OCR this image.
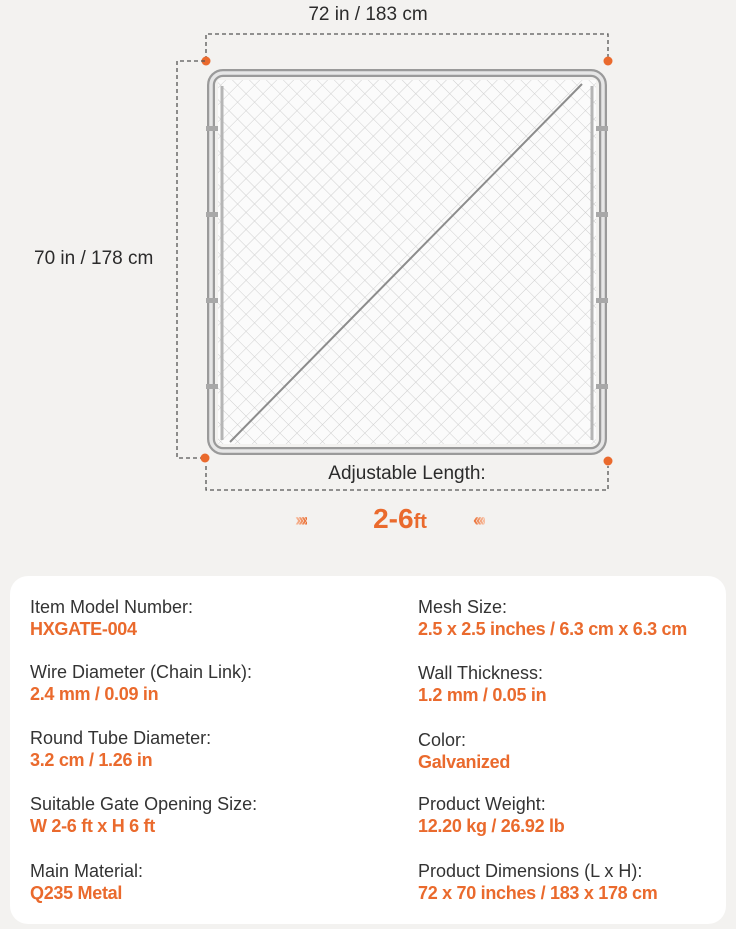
72 in / 183 cm
70 in / 178 cm
Adjustable Length:
››››	2-6ft	‹‹‹‹
Item Model Number:
HXGATE-004
Wire Diameter (Chain Link):
2.4 mm / 0.09 in
Round Tube Diameter:
3.2 cm / 1.26 in
Suitable Gate Opening Size:
W 2-6 ft x H 6 ft
Main Material:
Q235 Metal
Mesh Size:
2.5 x 2.5 inches / 6.3 cm x 6.3 cm
Wall Thickness:
1.2 mm / 0.05 in
Color:
Galvanized
Product Weight:
12.20 kg / 26.92 lb
Product Dimensions (L x H):
72 x 70 inches / 183 x 178 cm
